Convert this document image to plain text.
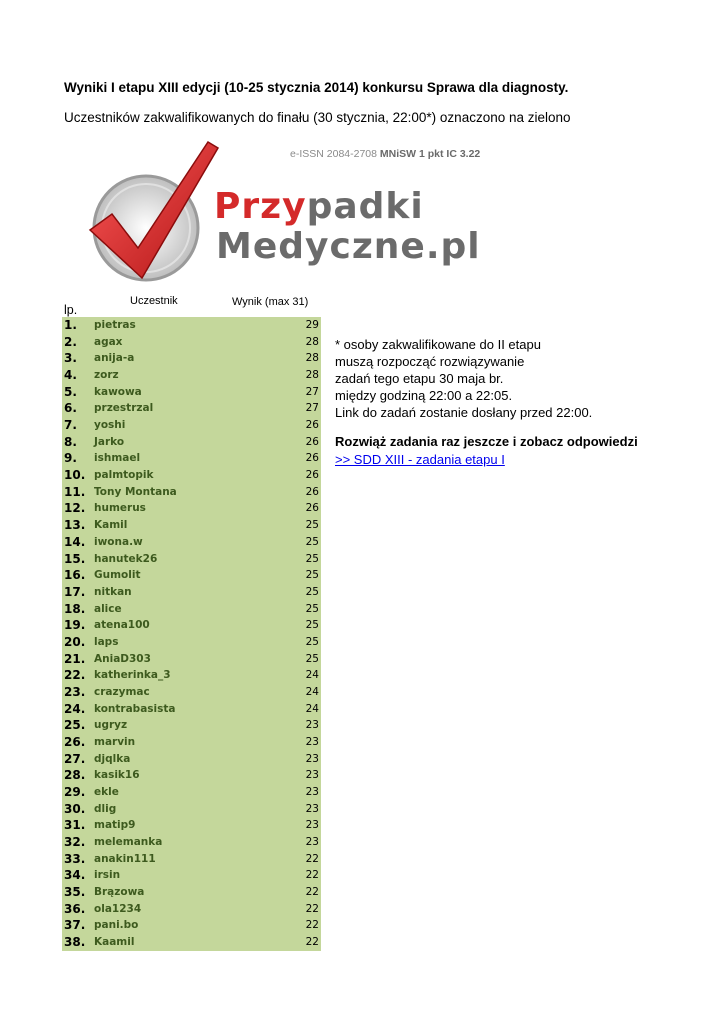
Wyniki I etapu XIII edycji (10-25 stycznia 2014) konkursu Sprawa dla diagnosty.
Uczestników zakwalifikowanych do finału (30 stycznia, 22:00*) oznaczono na zielono
e-ISSN 2084-2708 MNiSW 1 pkt IC 3.22
Przypadki
Medyczne.pl
lp.
Uczestnik	Wynik (max 31)
1. pietras	29
2. agax	28
3. anija-a	28
4. zorz	28
5. kawowa	27
6. przestrzal	27
7. yoshi	26
8. Jarko	26
9. ishmael	26
10. palmtopik	26
11. Tony Montana	26
12. humerus	26
13. Kamil	25
14. iwona.w	25
15. hanutek26	25
16. Gumolit	25
17. nitkan	25
18. alice	25
19. atena100	25
20. laps	25
21. AniaD303	25
22. katherinka_3	24
23. crazymac	24
24. kontrabasista	24
25. ugryz	23
26. marvin	23
27. djqlka	23
28. kasik16	23
29. ekle	23
30. dlig	23
31. matip9	23
32. melemanka	23
33. anakin111	22
34. irsin	22
35. Brązowa	22
36. ola1234	22
37. pani.bo	22
38. Kaamil	22
* osoby zakwalifikowane do II etapu
muszą rozpocząć rozwiązywanie
zadań tego etapu 30 maja br.
między godziną 22:00 a 22:05.
Link do zadań zostanie dosłany przed 22:00.
Rozwiąż zadania raz jeszcze i zobacz odpowiedzi
>> SDD XIII - zadania etapu I
